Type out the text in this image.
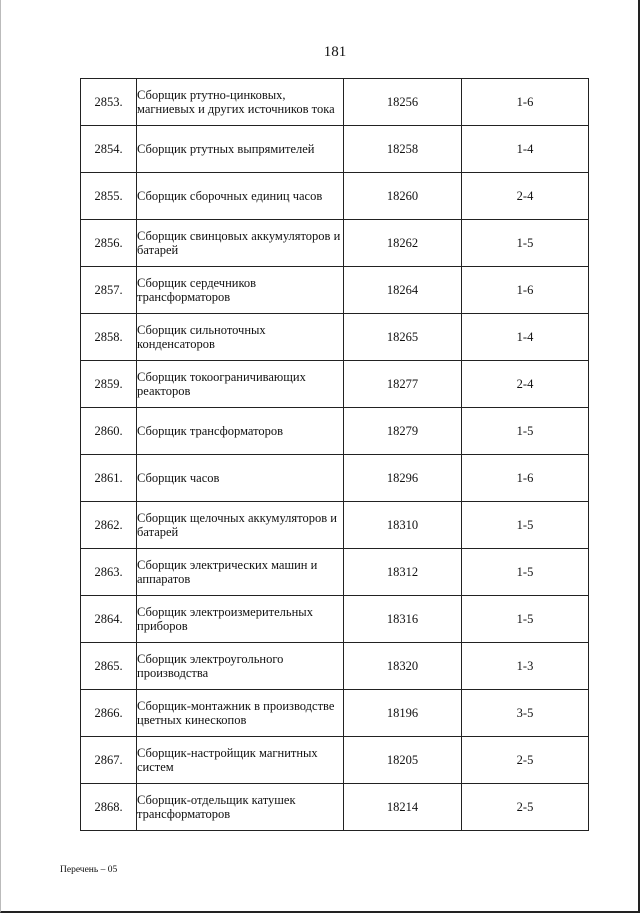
181
2853.	Сборщик ртутно-цинковых, магниевых и других источников тока	18256	1-6
2854.	Сборщик ртутных выпрямителей	18258	1-4
2855.	Сборщик сборочных единиц часов	18260	2-4
2856.	Сборщик свинцовых аккумуляторов и батарей	18262	1-5
2857.	Сборщик сердечников трансформаторов	18264	1-6
2858.	Сборщик сильноточных конденсаторов	18265	1-4
2859.	Сборщик токоограничивающих реакторов	18277	2-4
2860.	Сборщик трансформаторов	18279	1-5
2861.	Сборщик часов	18296	1-6
2862.	Сборщик щелочных аккумуляторов и батарей	18310	1-5
2863.	Сборщик электрических машин и аппаратов	18312	1-5
2864.	Сборщик электроизмерительных приборов	18316	1-5
2865.	Сборщик электроугольного производства	18320	1-3
2866.	Сборщик-монтажник в производстве цветных кинескопов	18196	3-5
2867.	Сборщик-настройщик магнитных систем	18205	2-5
2868.	Сборщик-отдельщик катушек трансформаторов	18214	2-5
Перечень – 05
